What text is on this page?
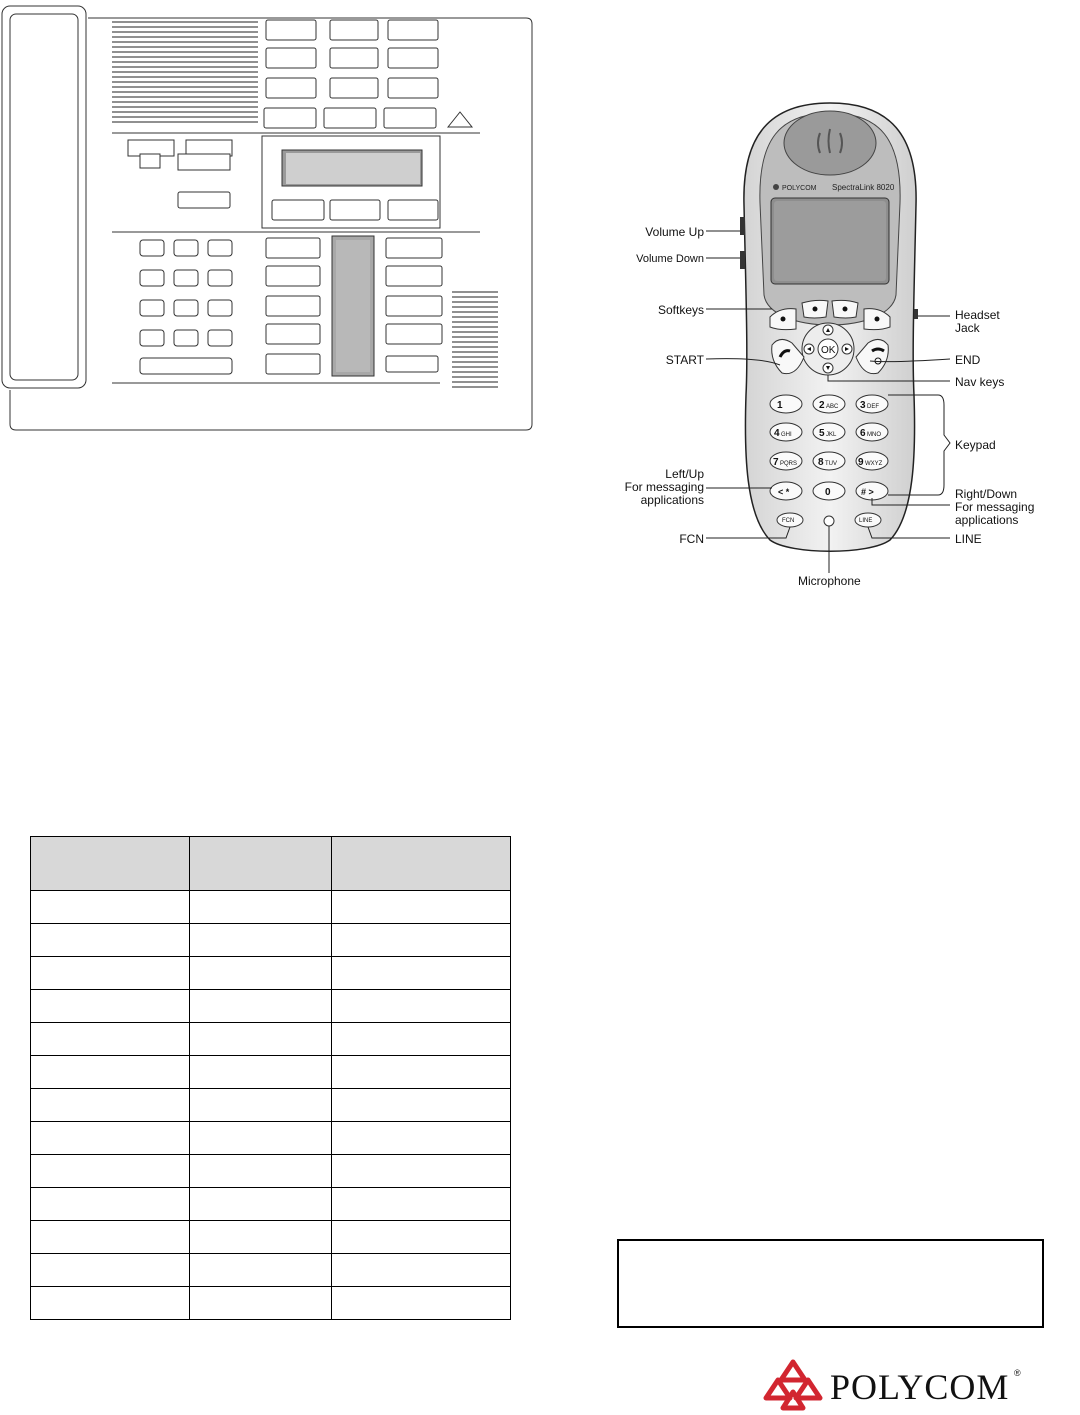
POLYCOM SpectraLink 8020
OK
1	2 ABC 3 DEF
4 GHI	5 JKL 6 MNO
7 PQRS 8 TUV 9 WXYZ
< *	0	# >
FCN	LINE
Volume Up
Volume Down
Softkeys
START
Left/Up
For messaging
applications
FCN
Microphone
Headset
Jack
END
Nav keys
Keypad
Right/Down
For messaging
applications
LINE

POLYCOM ®
